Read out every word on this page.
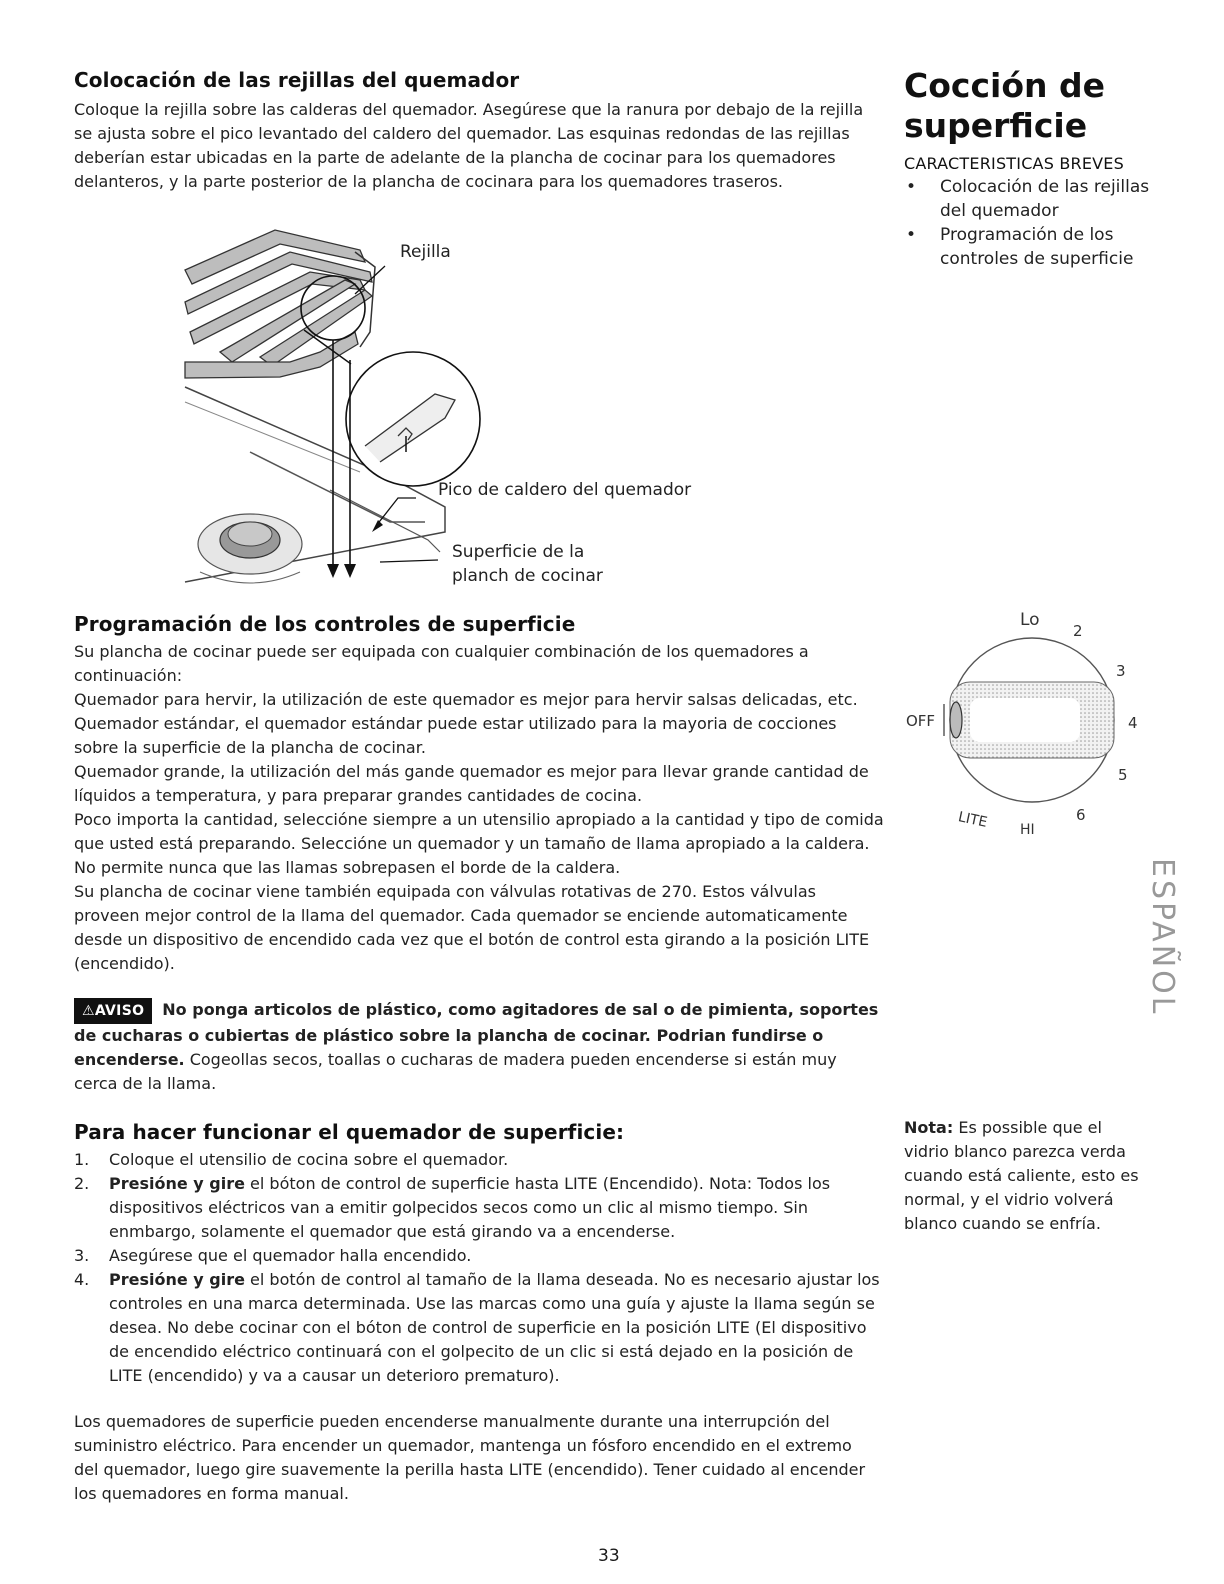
Colocación de las rejillas del quemador

Coloque la rejilla sobre las calderas del quemador. Asegúrese que la ranura por debajo de la rejilla se ajusta sobre el pico levantado del caldero del quemador. Las esquinas redondas de las rejillas deberían estar ubicadas en la parte de adelante de la plancha de cocinar para los quemadores delanteros, y la parte posterior de la plancha de cocinara para los quemadores traseros.

Rejilla
Pico de caldero del quemador
Superficie de la
planch de cocinar
Cocción de superficie
CARACTERISTICAS BREVES
• Colocación de las rejillas del quemador
• Programación de los controles de superficie
Lo
2
3
OFF	4
5
6
LITE HI
ESPAÑOL
Programación de los controles de superficie

Su plancha de cocinar puede ser equipada con cualquier combinación de los quemadores a continuación:

Quemador para hervir, la utilización de este quemador es mejor para hervir salsas delicadas, etc.

Quemador estándar, el quemador estándar puede estar utilizado para la mayoria de cocciones sobre la superficie de la plancha de cocinar.

Quemador grande, la utilización del más gande quemador es mejor para llevar grande cantidad de líquidos a temperatura, y para preparar grandes cantidades de cocina.

Poco importa la cantidad, seleccióne siempre a un utensilio apropiado a la cantidad y tipo de comida que usted está preparando. Seleccióne un quemador y un tamaño de llama apropiado a la caldera. No permite nunca que las llamas sobrepasen el borde de la caldera.

Su plancha de cocinar viene también equipada con válvulas rotativas de 270. Estos válvulas proveen mejor control de la llama del quemador. Cada quemador se enciende automaticamente desde un dispositivo de encendido cada vez que el botón de control esta girando a la posición LITE (encendido).

⚠AVISO No ponga articolos de plástico, como agitadores de sal o de pimienta, soportes de cucharas o cubiertas de plástico sobre la plancha de cocinar. Podrian fundirse o encenderse. Cogeollas secos, toallas o cucharas de madera pueden encenderse si están muy cerca de la llama.
Para hacer funcionar el quemador de superficie:
1. Coloque el utensilio de cocina sobre el quemador.
2. Presióne y gire el bóton de control de superficie hasta LITE (Encendido). Nota: Todos los dispositivos eléctricos van a emitir golpecidos secos como un clic al mismo tiempo. Sin enmbargo, solamente el quemador que está girando va a encenderse.
3. Asegúrese que el quemador halla encendido.
4. Presióne y gire el botón de control al tamaño de la llama deseada. No es necesario ajustar los controles en una marca determinada. Use las marcas como una guía y ajuste la llama según se desea. No debe cocinar con el bóton de control de superficie en la posición LITE (El dispositivo de encendido eléctrico continuará con el golpecito de un clic si está dejado en la posición de LITE (encendido) y va a causar un deterioro prematuro).

Los quemadores de superficie pueden encenderse manualmente durante una interrupción del suministro eléctrico. Para encender un quemador, mantenga un fósforo encendido en el extremo del quemador, luego gire suavemente la perilla hasta LITE (encendido). Tener cuidado al encender los quemadores en forma manual.

Nota: Es possible que el vidrio blanco parezca verda cuando está caliente, esto es normal, y el vidrio volverá blanco cuando se enfría.
33
